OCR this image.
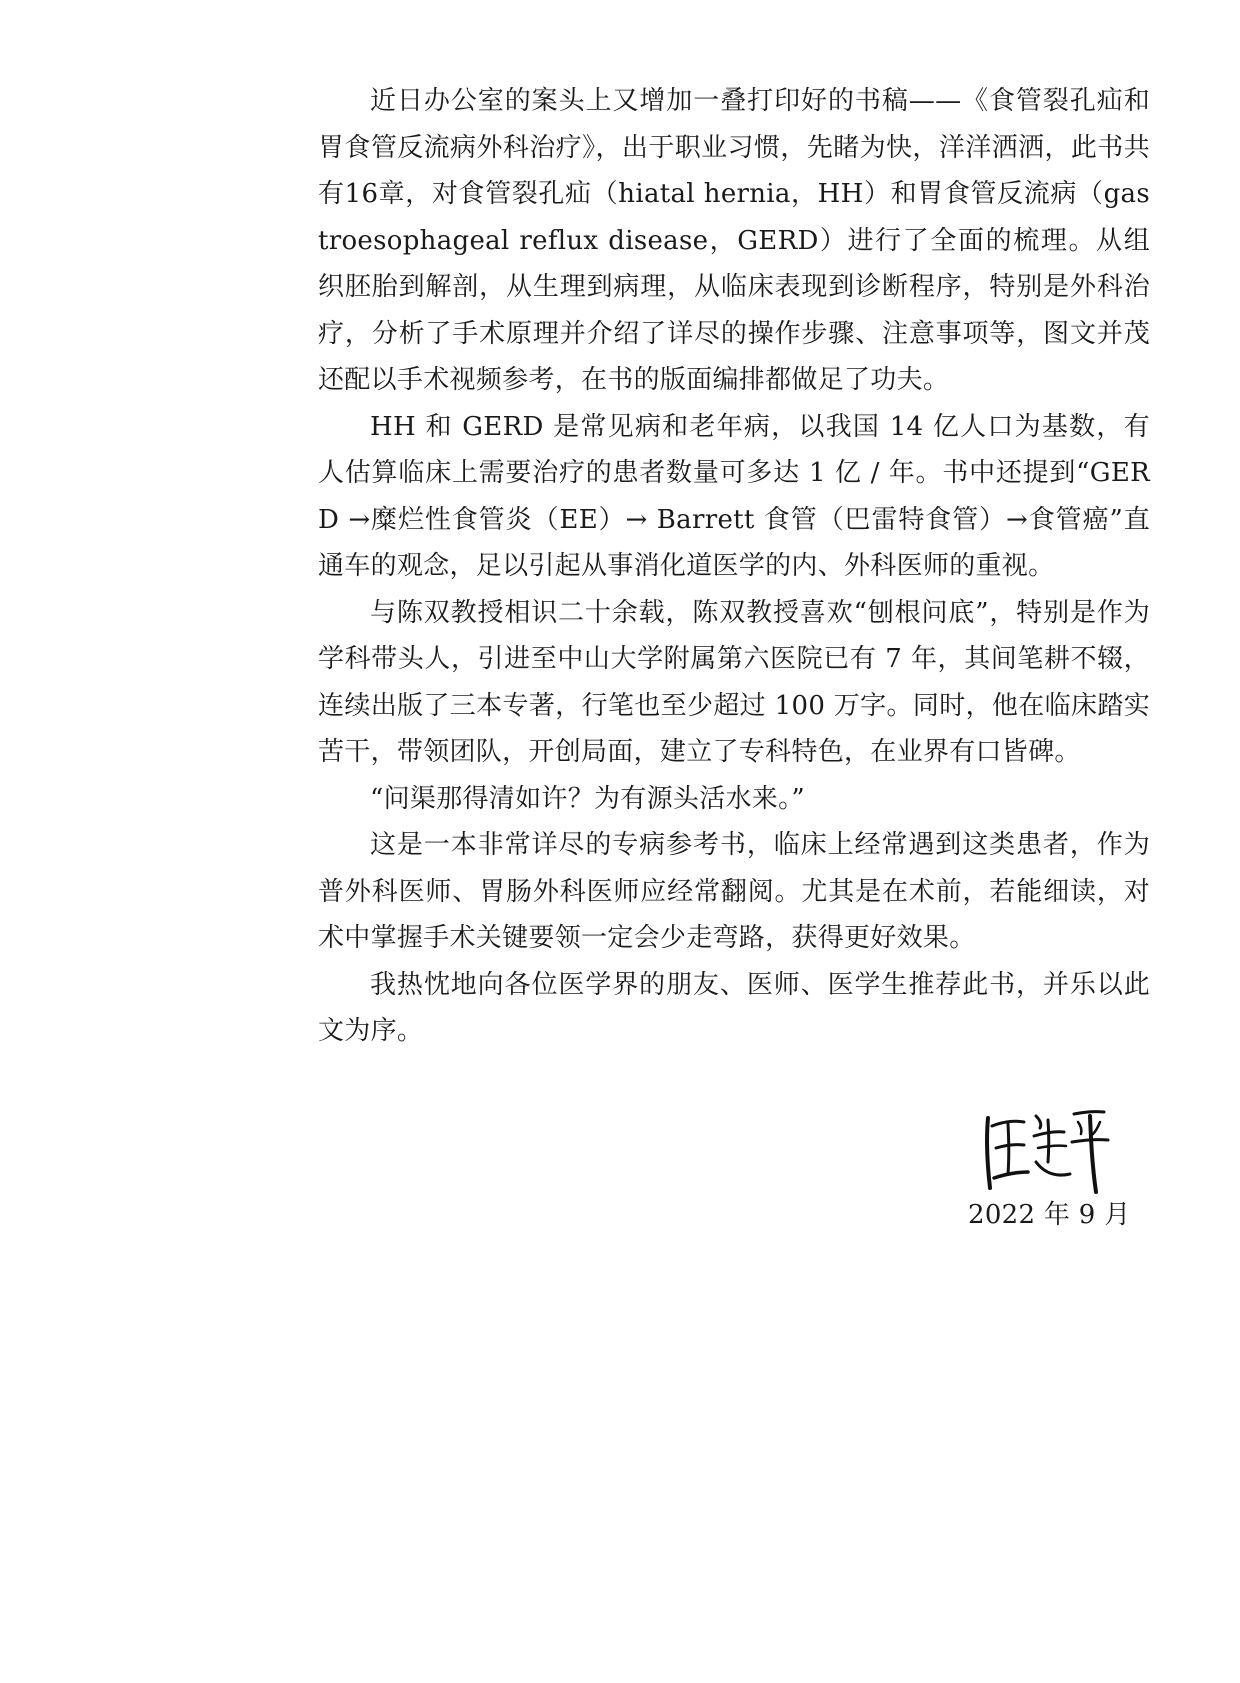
近日办公室的案头上又增加一叠打印好的书稿——《食管裂孔疝和胃食管反流病外科治疗》，出于职业习惯，先睹为快，洋洋洒洒，此书共有16章，对食管裂孔疝（hiatal hernia，HH）和胃食管反流病（gastroesophageal reflux disease，GERD）进行了全面的梳理。从组织胚胎到解剖，从生理到病理，从临床表现到诊断程序，特别是外科治疗，分析了手术原理并介绍了详尽的操作步骤、注意事项等，图文并茂还配以手术视频参考，在书的版面编排都做足了功夫。

HH 和 GERD 是常见病和老年病，以我国 14 亿人口为基数，有人估算临床上需要治疗的患者数量可多达 1 亿 / 年。书中还提到“GERD →糜烂性食管炎（EE）→ Barrett 食管（巴雷特食管）→食管癌”直通车的观念，足以引起从事消化道医学的内、外科医师的重视。

与陈双教授相识二十余载，陈双教授喜欢“刨根问底”，特别是作为学科带头人，引进至中山大学附属第六医院已有 7 年，其间笔耕不辍，连续出版了三本专著，行笔也至少超过 100 万字。同时，他在临床踏实苦干，带领团队，开创局面，建立了专科特色，在业界有口皆碑。

“问渠那得清如许？为有源头活水来。”

这是一本非常详尽的专病参考书，临床上经常遇到这类患者，作为普外科医师、胃肠外科医师应经常翻阅。尤其是在术前，若能细读，对术中掌握手术关键要领一定会少走弯路，获得更好效果。

我热忱地向各位医学界的朋友、医师、医学生推荐此书，并乐以此文为序。

2022 年 9 月
